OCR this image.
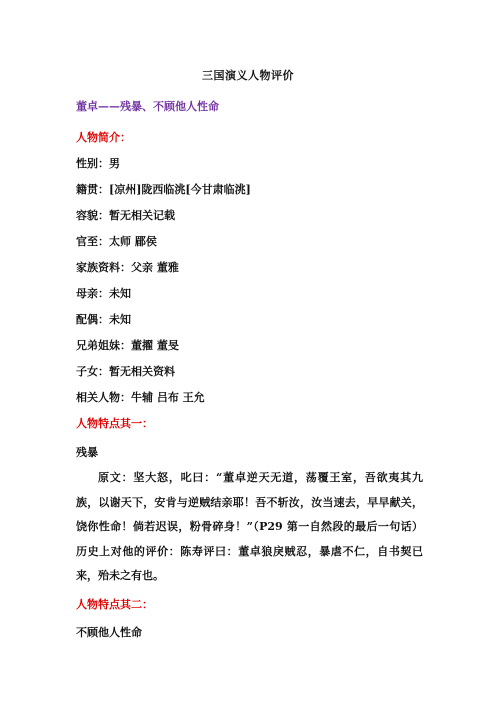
三国演义人物评价
董卓——残暴、不顾他人性命
人物简介：
性别：男
籍贯：[凉州]陇西临洮[今甘肃临洮]
容貌：暂无相关记载
官至：太师 郿侯
家族资料：父亲 董雅
母亲：未知
配偶：未知
兄弟姐妹：董擢 董旻
子女：暂无相关资料
相关人物：牛辅 吕布 王允
人物特点其一：
残暴
原文：坚大怒，叱曰：“董卓逆天无道，荡覆王室，吾欲夷其九族，以谢天下，安肯与逆贼结亲耶！吾不斩汝，汝当速去，早早献关，饶你性命！倘若迟误，粉骨碎身！”（P29 第一自然段的最后一句话）历史上对他的评价：陈寿评曰：董卓狼戾贼忍，暴虐不仁，自书契已来，殆未之有也。
人物特点其二：
不顾他人性命
